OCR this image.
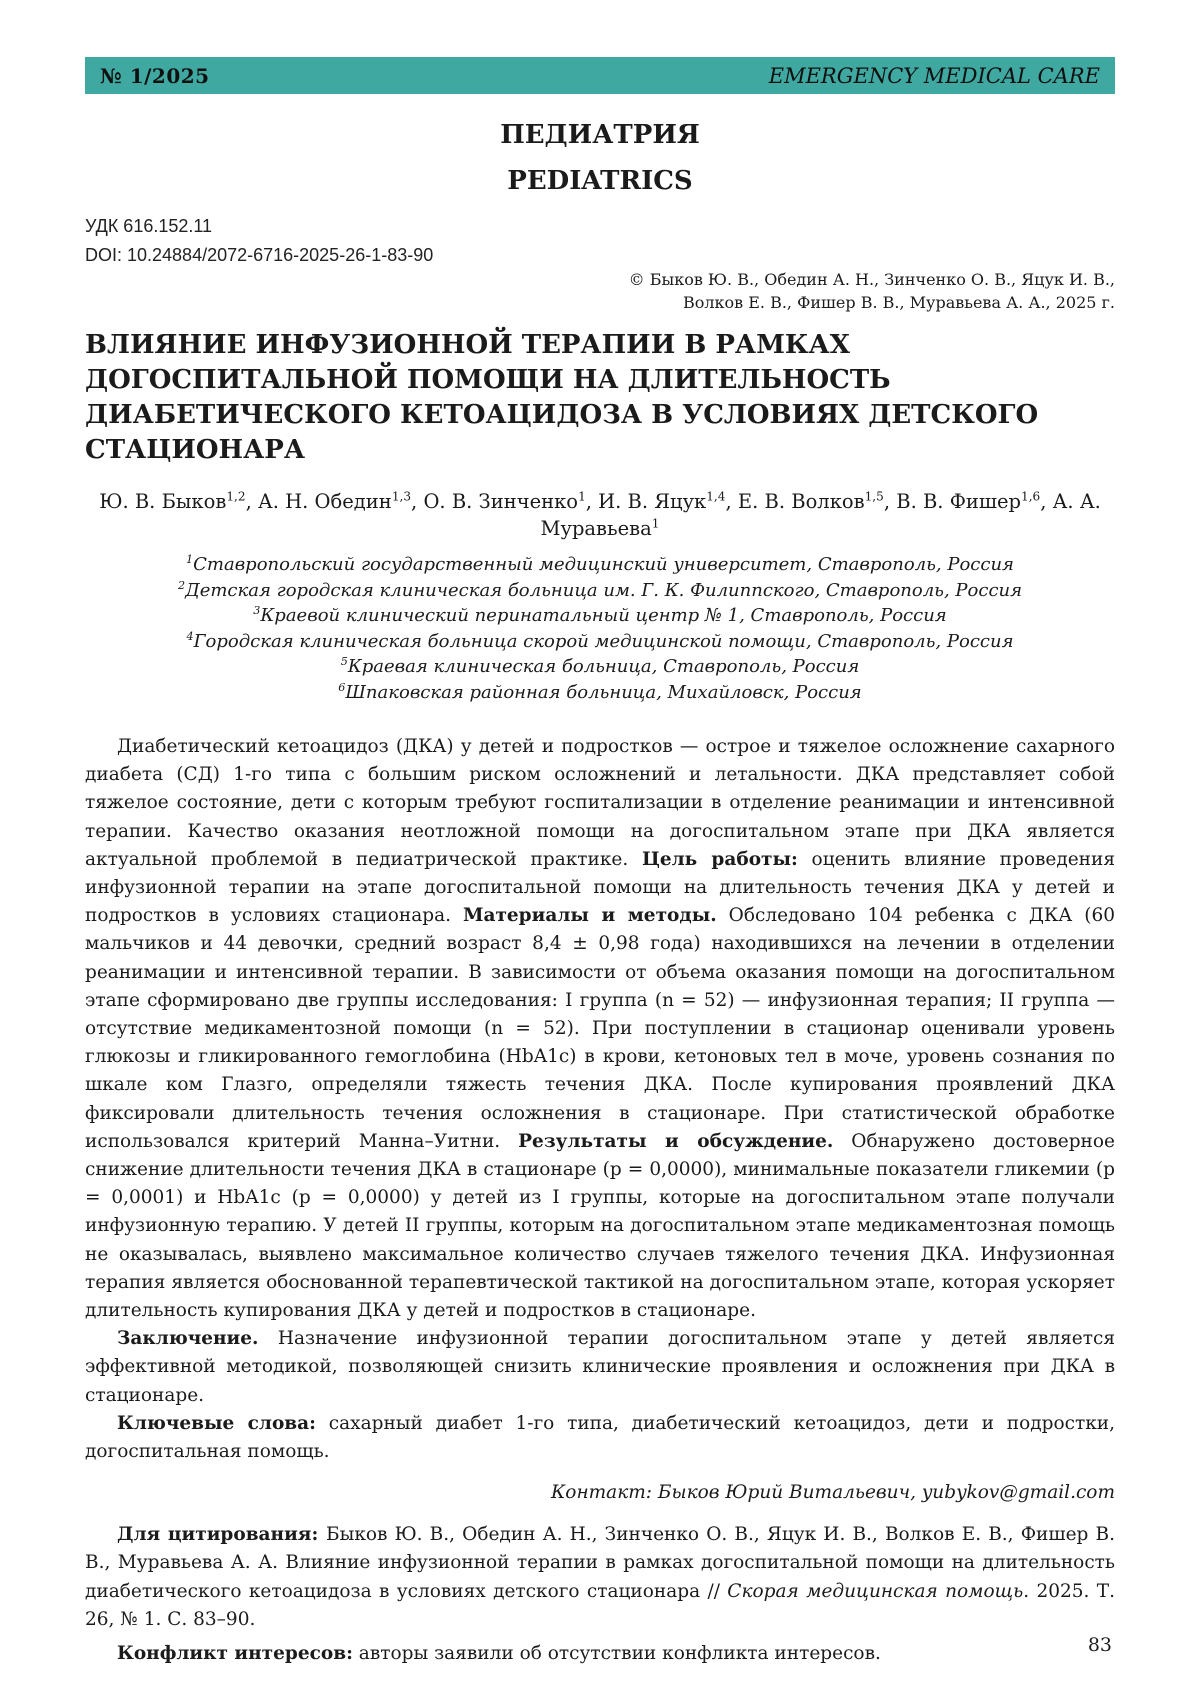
№ 1/2025	EMERGENCY MEDICAL CARE
ПЕДИАТРИЯ
PEDIATRICS
УДК 616.152.11
DOI: 10.24884/2072-6716-2025-26-1-83-90
© Быков Ю. В., Обедин А. Н., Зинченко О. В., Яцук И. В.,
Волков Е. В., Фишер В. В., Муравьева А. А., 2025 г.
ВЛИЯНИЕ ИНФУЗИОННОЙ ТЕРАПИИ В РАМКАХ
ДОГОСПИТАЛЬНОЙ ПОМОЩИ НА ДЛИТЕЛЬНОСТЬ
ДИАБЕТИЧЕСКОГО КЕТОАЦИДОЗА В УСЛОВИЯХ ДЕТСКОГО
СТАЦИОНАРА
Ю. В. Быков$^{1,2}$, А. Н. Обедин$^{1,3}$, О. В. Зинченко$^1$, И. В. Яцук$^{1,4}$, Е. В. Волков$^{1,5}$, В. В. Фишер$^{1,6}$, А. А. Муравьева$^1$
$^1$Ставропольский государственный медицинский университет, Ставрополь, Россия
$^2$Детская городская клиническая больница им. Г. К. Филиппского, Ставрополь, Россия
$^3$Краевой клинический перинатальный центр № 1, Ставрополь, Россия
$^4$Городская клиническая больница скорой медицинской помощи, Ставрополь, Россия
$^5$Краевая клиническая больница, Ставрополь, Россия
$^6$Шпаковская районная больница, Михайловск, Россия

Диабетический кетоацидоз (ДКА) у детей и подростков — острое и тяжелое осложнение сахарного диабета (СД) 1-го типа с большим риском осложнений и летальности. ДКА представляет собой тяжелое состояние, дети с которым требуют госпитализации в отделение реанимации и интенсивной терапии. Качество оказания неотложной помощи на догоспитальном этапе при ДКА является актуальной проблемой в педиатрической практике. Цель работы: оценить влияние проведения инфузионной терапии на этапе догоспитальной помощи на длительность течения ДКА у детей и подростков в условиях стационара. Материалы и методы. Обследовано 104 ребенка с ДКА (60 мальчиков и 44 девочки, средний возраст 8,4 ± 0,98 года) находившихся на лечении в отделении реанимации и интенсивной терапии. В зависимости от объема оказания помощи на догоспитальном этапе сформировано две группы исследования: I группа (n = 52) — инфузионная терапия; II группа — отсутствие медикаментозной помощи (n = 52). При поступлении в стационар оценивали уровень глюкозы и гликированного гемоглобина (HbA1c) в крови, кетоновых тел в моче, уровень сознания по шкале ком Глазго, определяли тяжесть течения ДКА. После купирования проявлений ДКА фиксировали длительность течения осложнения в стационаре. При статистической обработке использовался критерий Манна–Уитни. Результаты и обсуждение. Обнаружено достоверное снижение длительности течения ДКА в стационаре (p = 0,0000), минимальные показатели гликемии (p = 0,0001) и HbA1c (p = 0,0000) у детей из I группы, которые на догоспитальном этапе получали инфузионную терапию. У детей II группы, которым на догоспитальном этапе медикаментозная помощь не оказывалась, выявлено максимальное количество случаев тяжелого течения ДКА. Инфузионная терапия является обоснованной терапевтической тактикой на догоспитальном этапе, которая ускоряет длительность купирования ДКА у детей и подростков в стационаре.

Заключение. Назначение инфузионной терапии догоспитальном этапе у детей является эффективной методикой, позволяющей снизить клинические проявления и осложнения при ДКА в стационаре.

Ключевые слова: сахарный диабет 1-го типа, диабетический кетоацидоз, дети и подростки, догоспитальная помощь.

Контакт: Быков Юрий Витальевич, yubykov@gmail.com

Для цитирования: Быков Ю. В., Обедин А. Н., Зинченко О. В., Яцук И. В., Волков Е. В., Фишер В. В., Муравьева А. А. Влияние инфузионной терапии в рамках догоспитальной помощи на длительность диабетического кетоацидоза в условиях детского стационара // Скорая медицинская помощь. 2025. Т. 26, № 1. С. 83–90.

Конфликт интересов: авторы заявили об отсутствии конфликта интересов.	83
